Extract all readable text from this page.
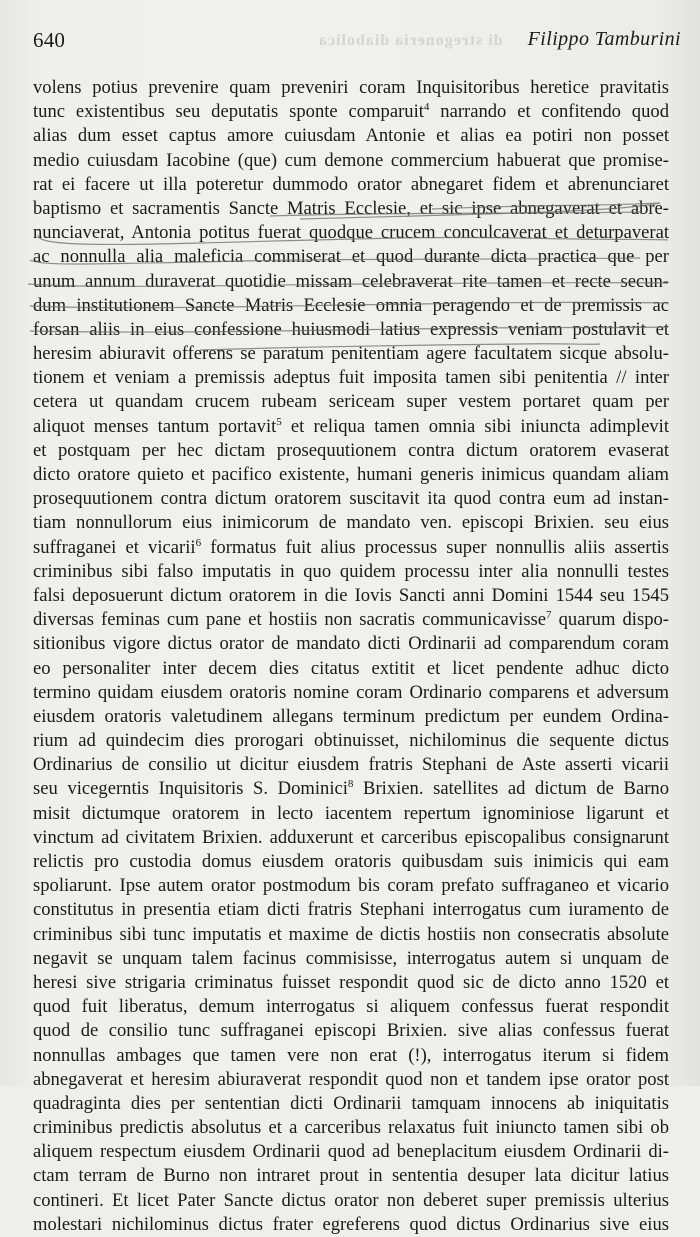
di stregoneria diabolica
640	Filippo Tamburini
volens potius prevenire quam preveniri coram Inquisitoribus heretice pravitatis
tunc existentibus seu deputatis sponte comparuit$^4$ narrando et confitendo quod
alias dum esset captus amore cuiusdam Antonie et alias ea potiri non posset
medio cuiusdam Iacobine (que) cum demone commercium habuerat que promise-
rat ei facere ut illa poteretur dummodo orator abnegaret fidem et abrenunciaret
baptismo et sacramentis Sancte Matris Ecclesie, et sic ipse abnegaverat et abre-
nunciaverat, Antonia potitus fuerat quodque crucem conculcaverat et deturpaverat
ac nonnulla alia maleficia commiserat et quod durante dicta practica que per
unum annum duraverat quotidie missam celebraverat rite tamen et recte secun-
dum institutionem Sancte Matris Ecclesie omnia peragendo et de premissis ac
forsan aliis in eius confessione huiusmodi latius expressis veniam postulavit et
heresim abiuravit offerens se paratum penitentiam agere facultatem sicque absolu-
tionem et veniam a premissis adeptus fuit imposita tamen sibi penitentia // inter
cetera ut quandam crucem rubeam sericeam super vestem portaret quam per
aliquot menses tantum portavit$^5$ et reliqua tamen omnia sibi iniuncta adimplevit
et postquam per hec dictam prosequutionem contra dictum oratorem evaserat
dicto oratore quieto et pacifico existente, humani generis inimicus quandam aliam
prosequutionem contra dictum oratorem suscitavit ita quod contra eum ad instan-
tiam nonnullorum eius inimicorum de mandato ven. episcopi Brixien. seu eius
suffraganei et vicarii$^6$ formatus fuit alius processus super nonnullis aliis assertis
criminibus sibi falso imputatis in quo quidem processu inter alia nonnulli testes
falsi deposuerunt dictum oratorem in die Iovis Sancti anni Domini 1544 seu 1545
diversas feminas cum pane et hostiis non sacratis communicavisse$^7$ quarum dispo-
sitionibus vigore dictus orator de mandato dicti Ordinarii ad comparendum coram
eo personaliter inter decem dies citatus extitit et licet pendente adhuc dicto
termino quidam eiusdem oratoris nomine coram Ordinario comparens et adversum
eiusdem oratoris valetudinem allegans terminum predictum per eundem Ordina-
rium ad quindecim dies prorogari obtinuisset, nichilominus die sequente dictus
Ordinarius de consilio ut dicitur eiusdem fratris Stephani de Aste asserti vicarii
seu vicegerntis Inquisitoris S. Dominici$^8$ Brixien. satellites ad dictum de Barno
misit dictumque oratorem in lecto iacentem repertum ignominiose ligarunt et
vinctum ad civitatem Brixien. adduxerunt et carceribus episcopalibus consignarunt
relictis pro custodia domus eiusdem oratoris quibusdam suis inimicis qui eam
spoliarunt. Ipse autem orator postmodum bis coram prefato suffraganeo et vicario
constitutus in presentia etiam dicti fratris Stephani interrogatus cum iuramento de
criminibus sibi tunc imputatis et maxime de dictis hostiis non consecratis absolute
negavit se unquam talem facinus commisisse, interrogatus autem si unquam de
heresi sive strigaria criminatus fuisset respondit quod sic de dicto anno 1520 et
quod fuit liberatus, demum interrogatus si aliquem confessus fuerat respondit
quod de consilio tunc suffraganei episcopi Brixien. sive alias confessus fuerat
nonnullas ambages que tamen vere non erat (!), interrogatus iterum si fidem
abnegaverat et heresim abiuraverat respondit quod non et tandem ipse orator post
quadraginta dies per sententian dicti Ordinarii tamquam innocens ab iniquitatis
criminibus predictis absolutus et a carceribus relaxatus fuit iniuncto tamen sibi ob
aliquem respectum eiusdem Ordinarii quod ad beneplacitum eiusdem Ordinarii di-
ctam terram de Burno non intraret prout in sententia desuper lata dicitur latius
contineri. Et licet Pater Sancte dictus orator non deberet super premissis ulterius
molestari nichilominus dictus frater egreferens quod dictus Ordinarius sive eius
